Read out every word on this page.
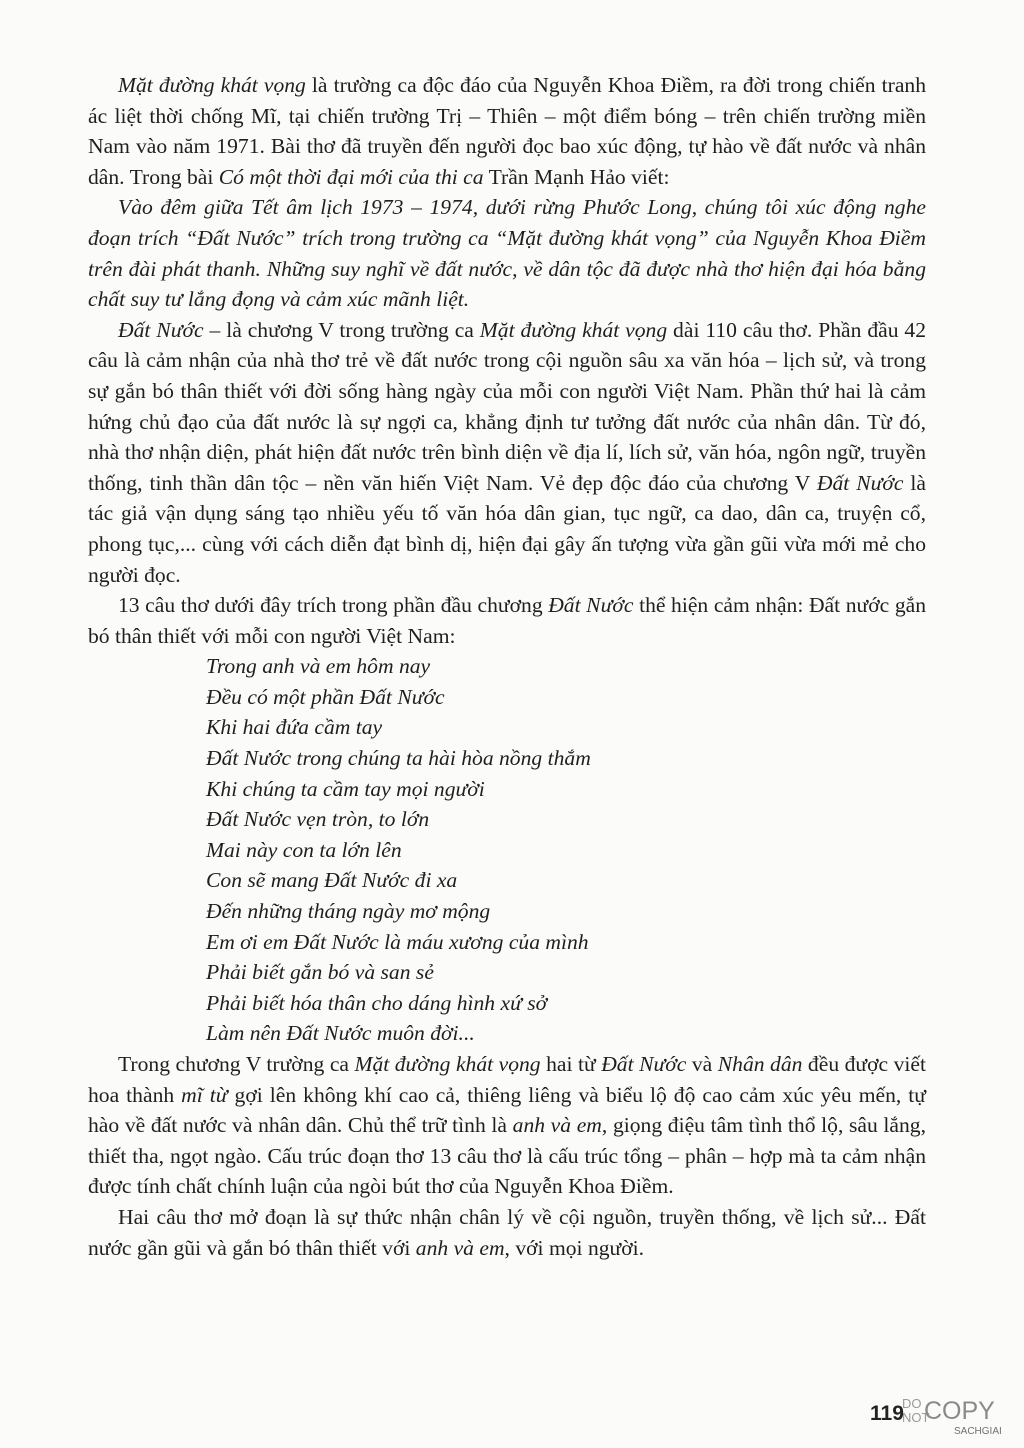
Mặt đường khát vọng là trường ca độc đáo của Nguyễn Khoa Điềm, ra đời trong chiến tranh ác liệt thời chống Mĩ, tại chiến trường Trị – Thiên – một điểm bóng – trên chiến trường miền Nam vào năm 1971. Bài thơ đã truyền đến người đọc bao xúc động, tự hào về đất nước và nhân dân. Trong bài Có một thời đại mới của thi ca Trần Mạnh Hảo viết:

Vào đêm giữa Tết âm lịch 1973 – 1974, dưới rừng Phước Long, chúng tôi xúc động nghe đoạn trích “Đất Nước” trích trong trường ca “Mặt đường khát vọng” của Nguyễn Khoa Điềm trên đài phát thanh. Những suy nghĩ về đất nước, về dân tộc đã được nhà thơ hiện đại hóa bằng chất suy tư lắng đọng và cảm xúc mãnh liệt.

Đất Nước – là chương V trong trường ca Mặt đường khát vọng dài 110 câu thơ. Phần đầu 42 câu là cảm nhận của nhà thơ trẻ về đất nước trong cội nguồn sâu xa văn hóa – lịch sử, và trong sự gắn bó thân thiết với đời sống hàng ngày của mỗi con người Việt Nam. Phần thứ hai là cảm hứng chủ đạo của đất nước là sự ngợi ca, khẳng định tư tưởng đất nước của nhân dân. Từ đó, nhà thơ nhận diện, phát hiện đất nước trên bình diện về địa lí, lích sử, văn hóa, ngôn ngữ, truyền thống, tinh thần dân tộc – nền văn hiến Việt Nam. Vẻ đẹp độc đáo của chương V Đất Nước là tác giả vận dụng sáng tạo nhiều yếu tố văn hóa dân gian, tục ngữ, ca dao, dân ca, truyện cổ, phong tục,... cùng với cách diễn đạt bình dị, hiện đại gây ấn tượng vừa gần gũi vừa mới mẻ cho người đọc.

13 câu thơ dưới đây trích trong phần đầu chương Đất Nước thể hiện cảm nhận: Đất nước gắn bó thân thiết với mỗi con người Việt Nam:

Trong anh và em hôm nay
Đều có một phần Đất Nước
Khi hai đứa cầm tay
Đất Nước trong chúng ta hài hòa nồng thắm
Khi chúng ta cầm tay mọi người
Đất Nước vẹn tròn, to lớn
Mai này con ta lớn lên
Con sẽ mang Đất Nước đi xa
Đến những tháng ngày mơ mộng
Em ơi em Đất Nước là máu xương của mình
Phải biết gắn bó và san sẻ
Phải biết hóa thân cho dáng hình xứ sở
Làm nên Đất Nước muôn đời...

Trong chương V trường ca Mặt đường khát vọng hai từ Đất Nước và Nhân dân đều được viết hoa thành mĩ từ gợi lên không khí cao cả, thiêng liêng và biểu lộ độ cao cảm xúc yêu mến, tự hào về đất nước và nhân dân. Chủ thể trữ tình là anh và em, giọng điệu tâm tình thổ lộ, sâu lắng, thiết tha, ngọt ngào. Cấu trúc đoạn thơ 13 câu thơ là cấu trúc tổng – phân – hợp mà ta cảm nhận được tính chất chính luận của ngòi bút thơ của Nguyễn Khoa Điềm.

Hai câu thơ mở đoạn là sự thức nhận chân lý về cội nguồn, truyền thống, về lịch sử... Đất nước gần gũi và gắn bó thân thiết với anh và em, với mọi người.

119
DO
NOT
COPY
SACHGIAI
